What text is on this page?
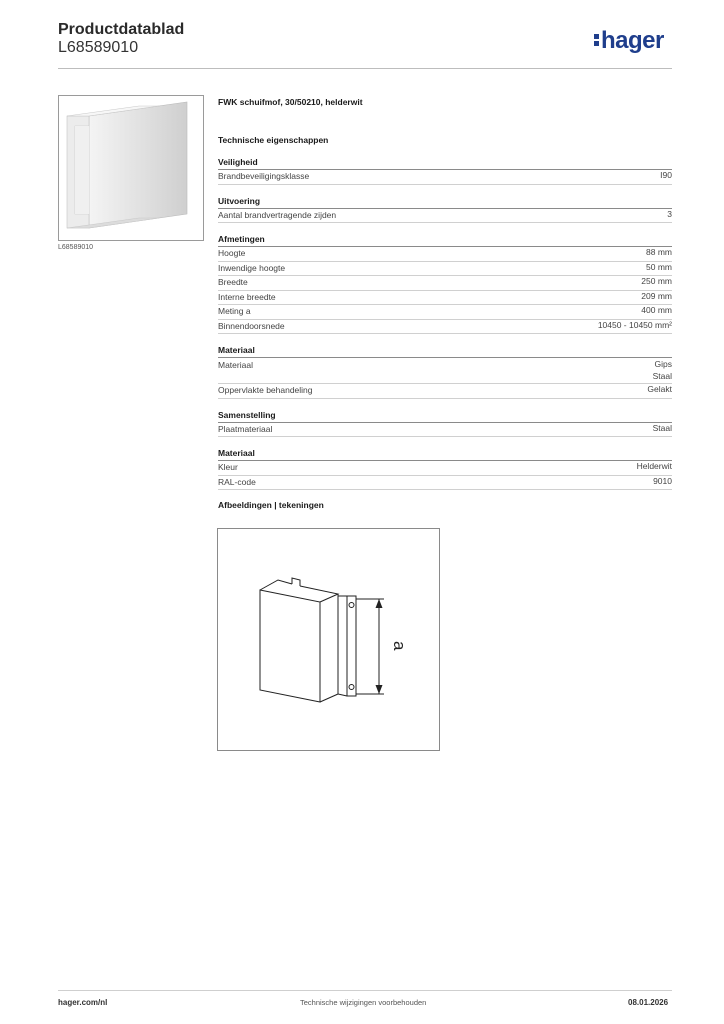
Productdatablad
L68589010	hager
L68589010
FWK schuifmof, 30/50210, helderwit
Technische eigenschappen
Veiligheid
Brandbeveiligingsklasse	I90
Uitvoering
Aantal brandvertragende zijden	3
Afmetingen
Hoogte	88 mm
Inwendige hoogte	50 mm
Breedte	250 mm
Interne breedte	209 mm
Meting a	400 mm
Binnendoorsnede	10450 - 10450 mm²
Materiaal
Materiaal	Gips
Staal
Oppervlakte behandeling	Gelakt
Samenstelling
Plaatmateriaal	Staal
Materiaal
Kleur	Helderwit
RAL-code	9010
Afbeeldingen | tekeningen
a
hager.com/nl	Technische wijzigingen voorbehouden	08.01.2026
